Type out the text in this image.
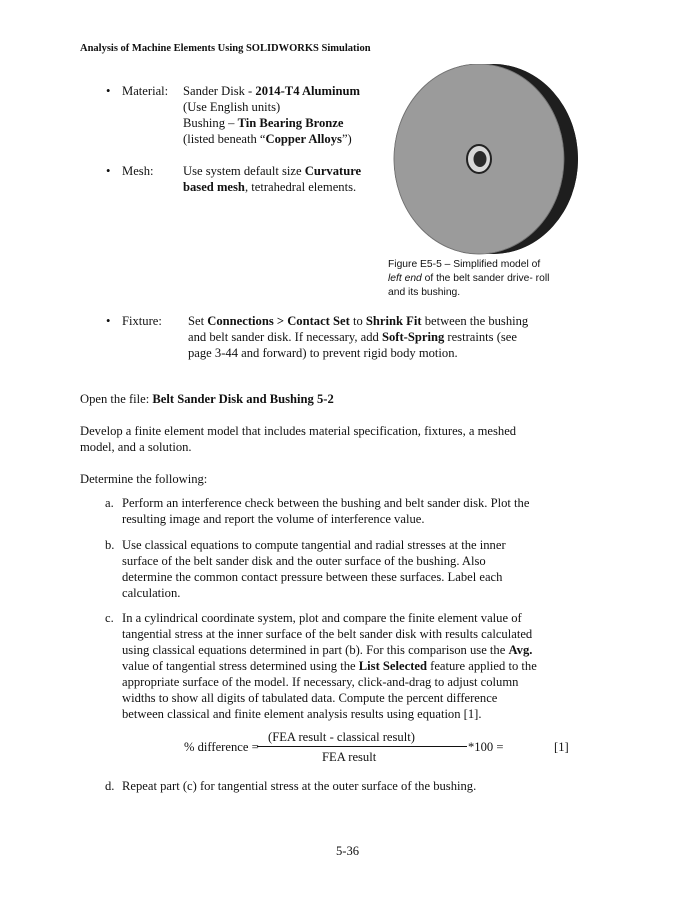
Analysis of Machine Elements Using SOLIDWORKS Simulation
• Material: Sander Disk - 2014-T4 Aluminum
(Use English units)
Bushing – Tin Bearing Bronze
(listed beneath “Copper Alloys”)
• Mesh: Use system default size Curvature
based mesh, tetrahedral elements.
Figure E5-5 – Simplified model of
left end of the belt sander drive- roll
and its bushing.
• Fixture: Set Connections > Contact Set to Shrink Fit between the bushing
and belt sander disk. If necessary, add Soft-Spring restraints (see
page 3-44 and forward) to prevent rigid body motion.
Open the file: Belt Sander Disk and Bushing 5-2
Develop a finite element model that includes material specification, fixtures, a meshed
model, and a solution.
Determine the following:
a. Perform an interference check between the bushing and belt sander disk. Plot the
resulting image and report the volume of interference value.
b. Use classical equations to compute tangential and radial stresses at the inner
surface of the belt sander disk and the outer surface of the bushing. Also
determine the common contact pressure between these surfaces. Label each
calculation.
c. In a cylindrical coordinate system, plot and compare the finite element value of
tangential stress at the inner surface of the belt sander disk with results calculated
using classical equations determined in part (b). For this comparison use the Avg.
value of tangential stress determined using the List Selected feature applied to the
appropriate surface of the model. If necessary, click-and-drag to adjust column
widths to show all digits of tabulated data. Compute the percent difference
between classical and finite element analysis results using equation [1].
% difference =
(FEA result - classical result)
FEA result
*100 =	[1]
d. Repeat part (c) for tangential stress at the outer surface of the bushing.
5-36
